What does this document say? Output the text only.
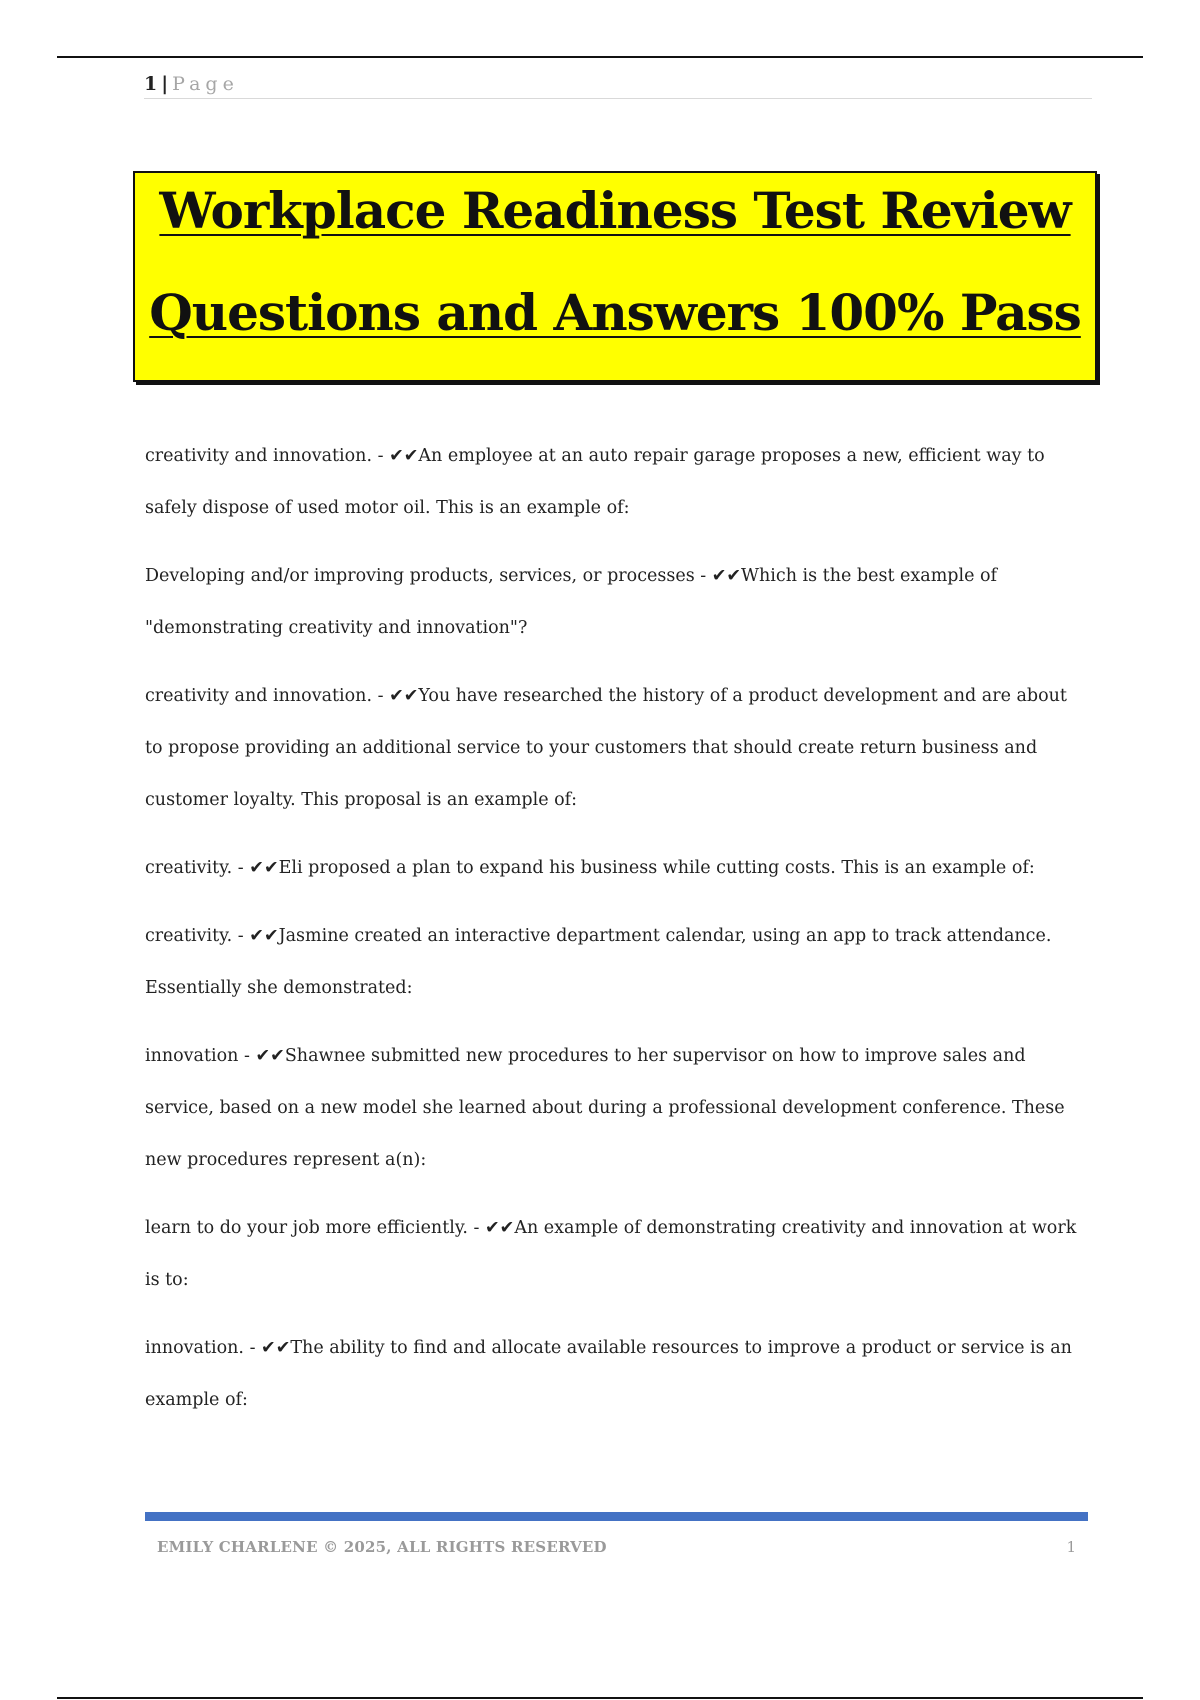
1 | Page
Workplace Readiness Test Review
Questions and Answers 100% Pass

creativity and innovation. - ✔✔An employee at an auto repair garage proposes a new, efficient way to safely dispose of used motor oil. This is an example of:

Developing and/or improving products, services, or processes - ✔✔Which is the best example of "demonstrating creativity and innovation"?

creativity and innovation. - ✔✔You have researched the history of a product development and are about to propose providing an additional service to your customers that should create return business and customer loyalty. This proposal is an example of:

creativity. - ✔✔Eli proposed a plan to expand his business while cutting costs. This is an example of:

creativity. - ✔✔Jasmine created an interactive department calendar, using an app to track attendance. Essentially she demonstrated:

innovation - ✔✔Shawnee submitted new procedures to her supervisor on how to improve sales and service, based on a new model she learned about during a professional development conference. These new procedures represent a(n):

learn to do your job more efficiently. - ✔✔An example of demonstrating creativity and innovation at work is to:

innovation. - ✔✔The ability to find and allocate available resources to improve a product or service is an example of:

EMILY CHARLENE © 2025, ALL RIGHTS RESERVED	1
